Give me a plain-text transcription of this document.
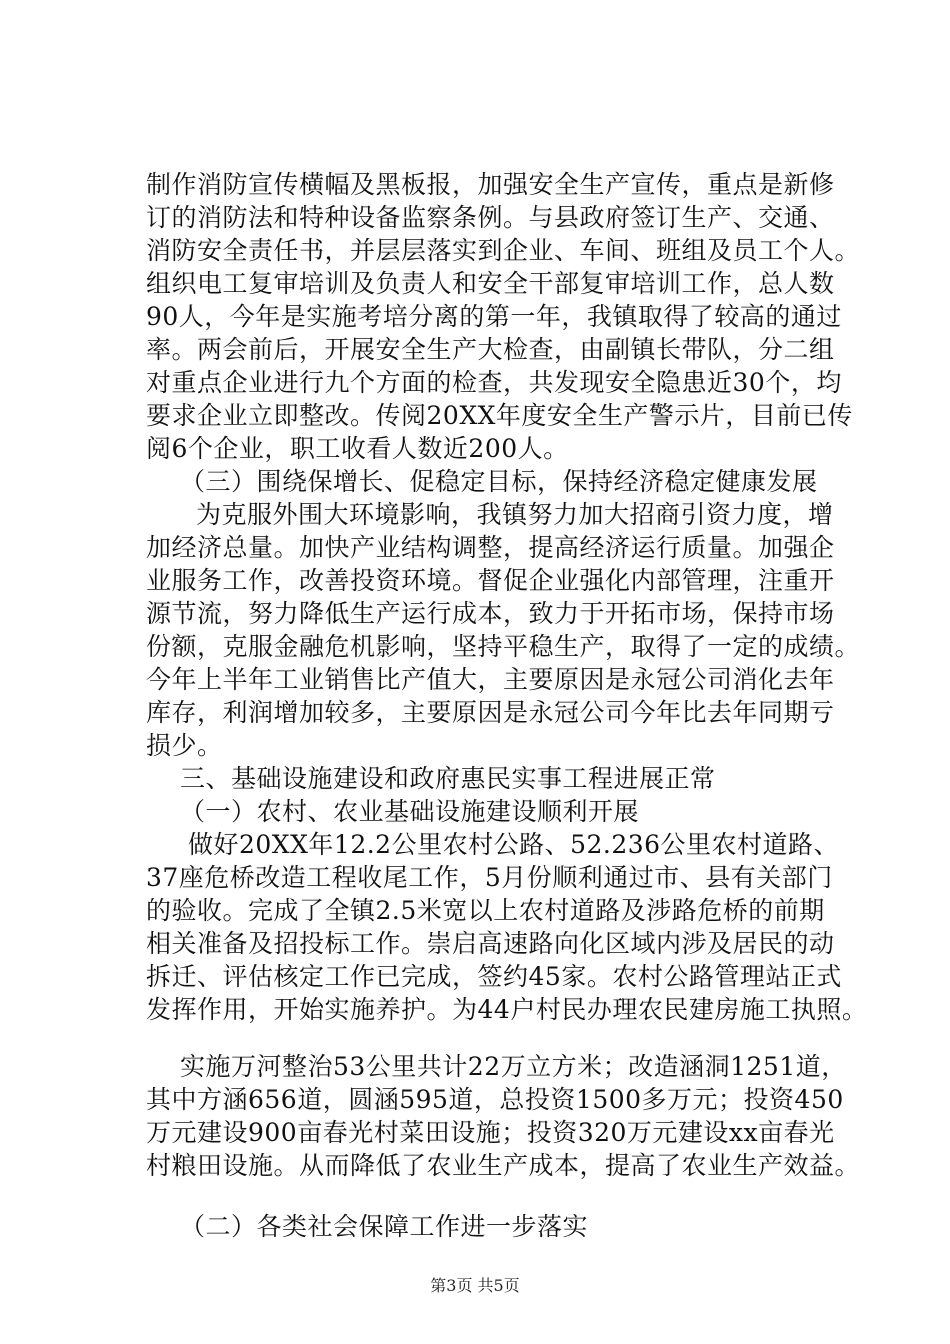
制作消防宣传横幅及黑板报，加强安全生产宣传，重点是新修
订的消防法和特种设备监察条例。与县政府签订生产、交通、
消防安全责任书，并层层落实到企业、车间、班组及员工个人。
组织电工复审培训及负责人和安全干部复审培训工作，总人数
90人，今年是实施考培分离的第一年，我镇取得了较高的通过
率。两会前后，开展安全生产大检查，由副镇长带队，分二组
对重点企业进行九个方面的检查，共发现安全隐患近30个，均
要求企业立即整改。传阅20XX年度安全生产警示片，目前已传
阅6个企业，职工收看人数近200人。
（三）围绕保增长、促稳定目标，保持经济稳定健康发展
为克服外围大环境影响，我镇努力加大招商引资力度，增
加经济总量。加快产业结构调整，提高经济运行质量。加强企
业服务工作，改善投资环境。督促企业强化内部管理，注重开
源节流，努力降低生产运行成本，致力于开拓市场，保持市场
份额，克服金融危机影响，坚持平稳生产，取得了一定的成绩。
今年上半年工业销售比产值大，主要原因是永冠公司消化去年
库存，利润增加较多，主要原因是永冠公司今年比去年同期亏
损少。
三、基础设施建设和政府惠民实事工程进展正常
（一）农村、农业基础设施建设顺利开展
做好20XX年12.2公里农村公路、52.236公里农村道路、
37座危桥改造工程收尾工作，5月份顺利通过市、县有关部门
的验收。完成了全镇2.5米宽以上农村道路及涉路危桥的前期
相关准备及招投标工作。崇启高速路向化区域内涉及居民的动
拆迁、评估核定工作已完成，签约45家。农村公路管理站正式
发挥作用，开始实施养护。为44户村民办理农民建房施工执照。
实施万河整治53公里共计22万立方米；改造涵洞1251道，
其中方涵656道，圆涵595道，总投资1500多万元；投资450
万元建设900亩春光村菜田设施；投资320万元建设xx亩春光
村粮田设施。从而降低了农业生产成本，提高了农业生产效益。
第3页 共5页
（二）各类社会保障工作进一步落实
